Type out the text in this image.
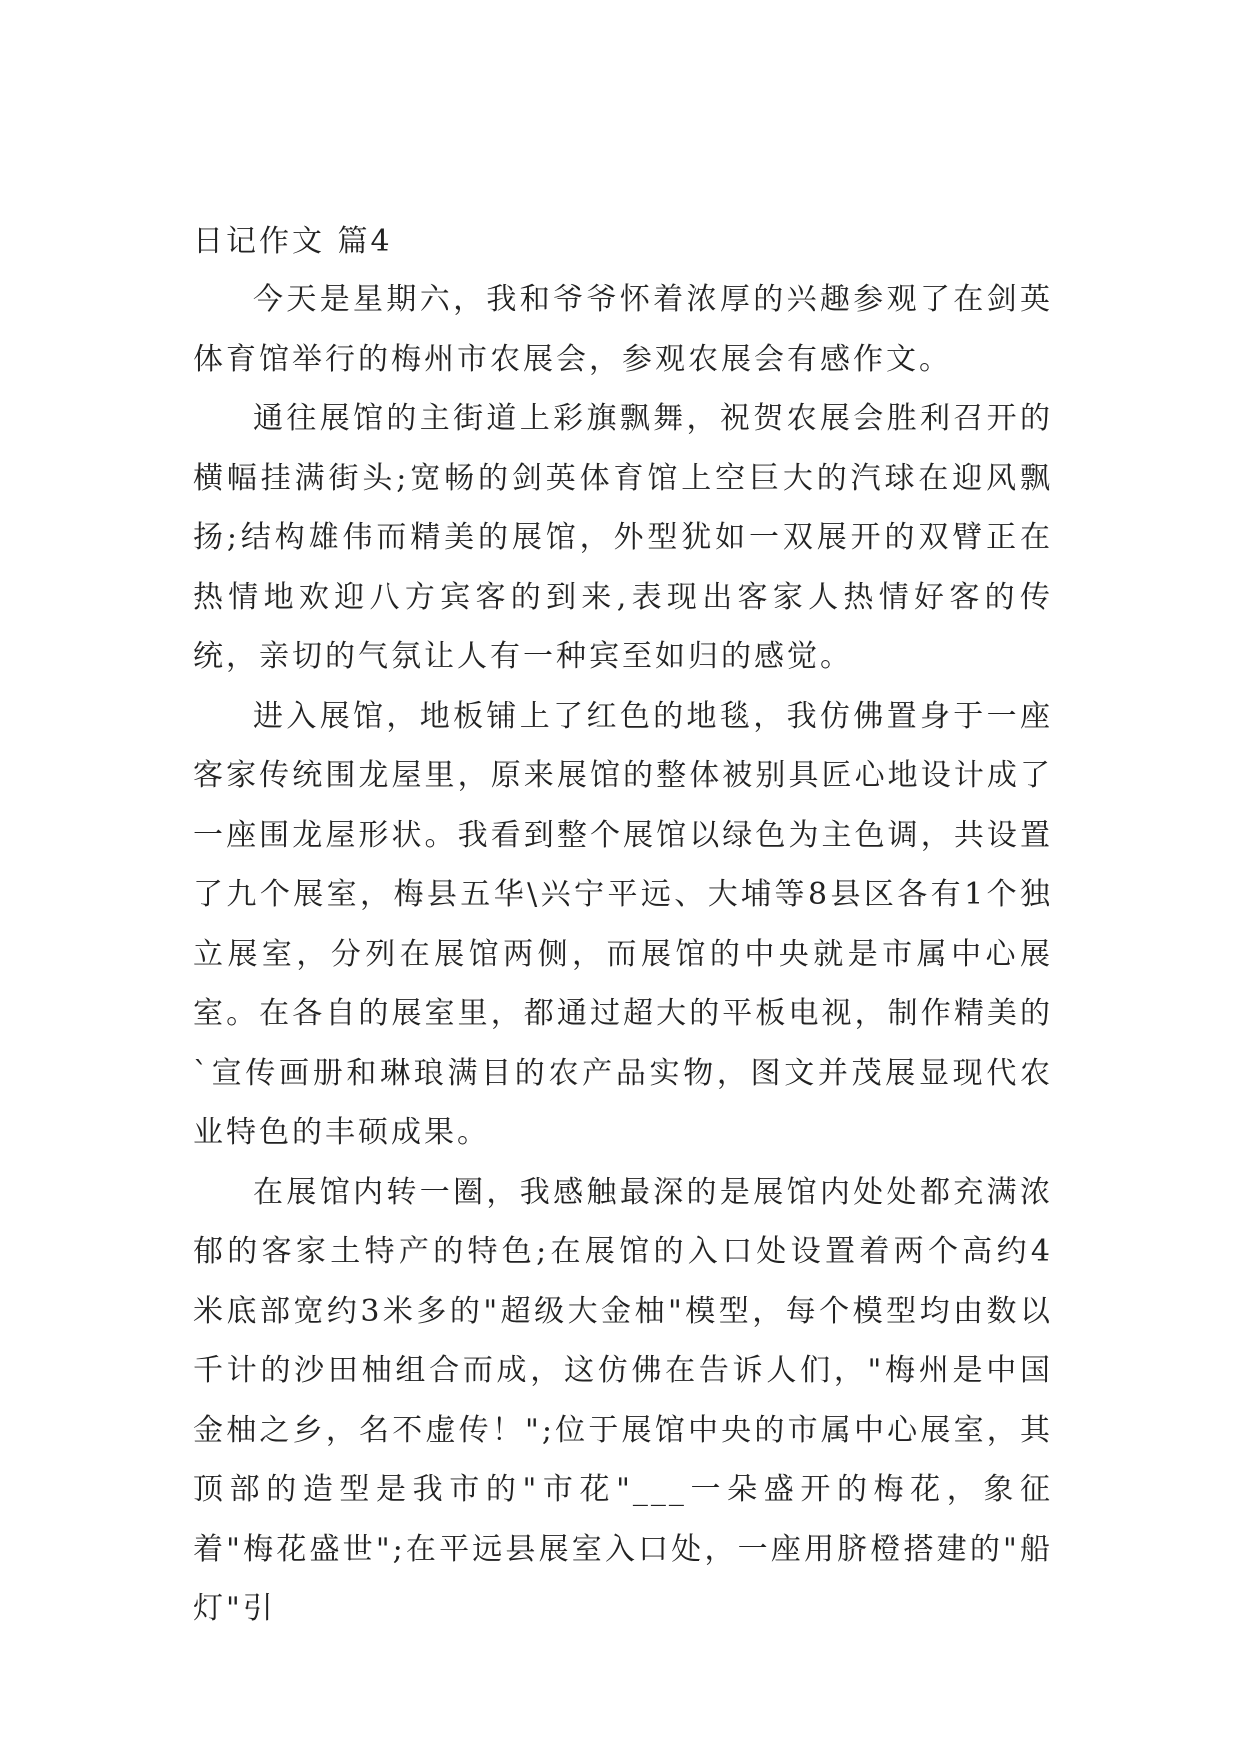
日记作文 篇4

今天是星期六，我和爷爷怀着浓厚的兴趣参观了在剑英体育馆举行的梅州市农展会，参观农展会有感作文。

通往展馆的主街道上彩旗飘舞，祝贺农展会胜利召开的横幅挂满街头;宽畅的剑英体育馆上空巨大的汽球在迎风飘扬;结构雄伟而精美的展馆，外型犹如一双展开的双臂正在热情地欢迎八方宾客的到来,表现出客家人热情好客的传统，亲切的气氛让人有一种宾至如归的感觉。

进入展馆，地板铺上了红色的地毯，我仿佛置身于一座客家传统围龙屋里，原来展馆的整体被别具匠心地设计成了一座围龙屋形状。我看到整个展馆以绿色为主色调，共设置了九个展室，梅县五华\兴宁平远、大埔等8县区各有1个独立展室，分列在展馆两侧，而展馆的中央就是市属中心展室。在各自的展室里，都通过超大的平板电视，制作精美的`宣传画册和琳琅满目的农产品实物，图文并茂展显现代农业特色的丰硕成果。

在展馆内转一圈，我感触最深的是展馆内处处都充满浓郁的客家土特产的特色;在展馆的入口处设置着两个高约4米底部宽约3米多的"超级大金柚"模型，每个模型均由数以千计的沙田柚组合而成，这仿佛在告诉人们，"梅州是中国金柚之乡，名不虚传！";位于展馆中央的市属中心展室，其顶部的造型是我市的"市花"___一朵盛开的梅花，象征着"梅花盛世";在平远县展室入口处，一座用脐橙搭建的"船灯"引
